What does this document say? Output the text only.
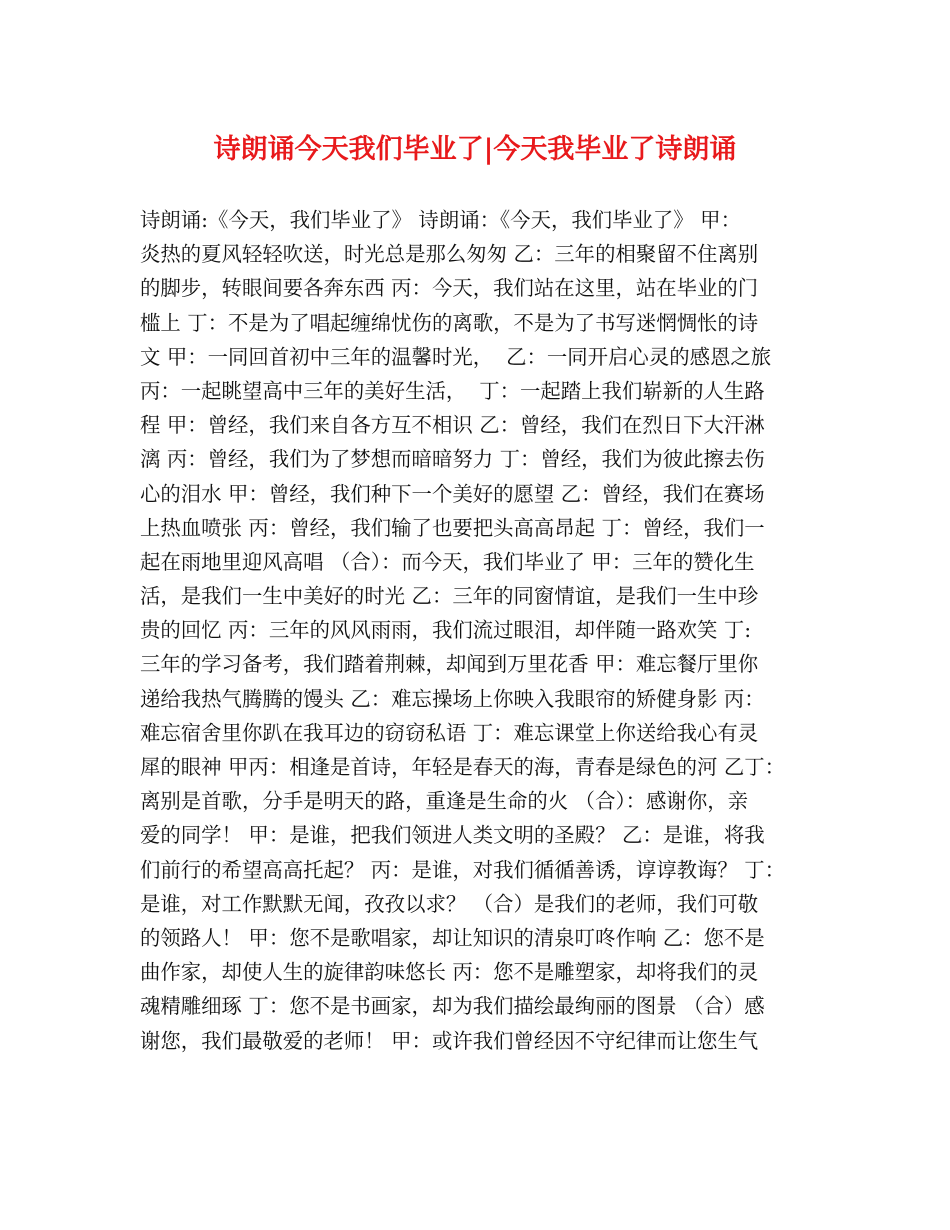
诗朗诵今天我们毕业了|今天我毕业了诗朗诵
诗朗诵:《今天，我们毕业了》 诗朗诵：《今天，我们毕业了》 甲：
炎热的夏风轻轻吹送，时光总是那么匆匆 乙：三年的相聚留不住离别
的脚步，转眼间要各奔东西 丙：今天，我们站在这里，站在毕业的门
槛上 丁：不是为了唱起缠绵忧伤的离歌，不是为了书写迷惘惆怅的诗
文 甲：一同回首初中三年的温馨时光，  乙：一同开启心灵的感恩之旅
丙：一起眺望高中三年的美好生活，  丁：一起踏上我们崭新的人生路
程 甲：曾经，我们来自各方互不相识 乙：曾经，我们在烈日下大汗淋
漓 丙：曾经，我们为了梦想而暗暗努力 丁：曾经，我们为彼此擦去伤
心的泪水 甲：曾经，我们种下一个美好的愿望 乙：曾经，我们在赛场
上热血喷张 丙：曾经，我们输了也要把头高高昂起 丁：曾经，我们一
起在雨地里迎风高唱 （合）：而今天，我们毕业了 甲：三年的赞化生
活，是我们一生中美好的时光 乙：三年的同窗情谊，是我们一生中珍
贵的回忆 丙：三年的风风雨雨，我们流过眼泪，却伴随一路欢笑 丁:
三年的学习备考，我们踏着荆棘，却闻到万里花香 甲：难忘餐厅里你
递给我热气腾腾的馒头 乙：难忘操场上你映入我眼帘的矫健身影 丙：
难忘宿舍里你趴在我耳边的窃窃私语 丁：难忘课堂上你送给我心有灵
犀的眼神 甲丙：相逢是首诗，年轻是春天的海，青春是绿色的河 乙丁：
离别是首歌，分手是明天的路，重逢是生命的火 （合）：感谢你，亲
爱的同学！ 甲：是谁，把我们领进人类文明的圣殿？ 乙：是谁，将我
们前行的希望高高托起？ 丙：是谁，对我们循循善诱，谆谆教诲？ 丁：
是谁，对工作默默无闻，孜孜以求？ （合）是我们的老师，我们可敬
的领路人！ 甲：您不是歌唱家，却让知识的清泉叮咚作响 乙：您不是
曲作家，却使人生的旋律韵味悠长 丙：您不是雕塑家，却将我们的灵
魂精雕细琢 丁：您不是书画家，却为我们描绘最绚丽的图景 （合）感
谢您，我们最敬爱的老师！ 甲：或许我们曾经因不守纪律而让您生气
